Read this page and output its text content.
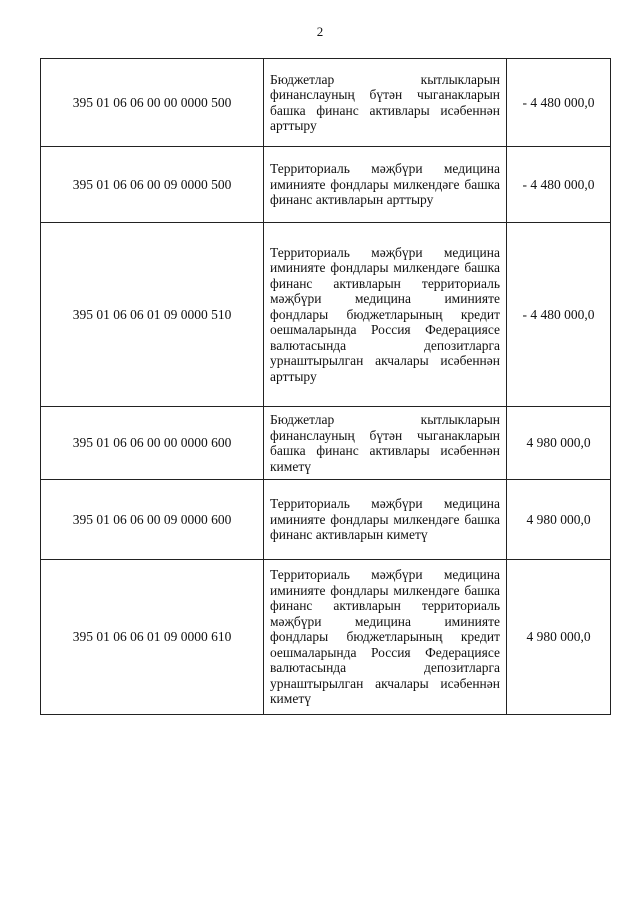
2
395 01 06 06 00 00 0000 500	Бюджетлар кытлыкларын финанслауның бүтән чыганакларын башка финанс активлары исәбеннән арттыру	- 4 480 000,0
395 01 06 06 00 09 0000 500	Территориаль мәҗбүри медицина иминияте фондлары милкендәге башка финанс активларын арттыру	- 4 480 000,0
395 01 06 06 01 09 0000 510	Территориаль мәҗбүри медицина иминияте фондлары милкендәге башка финанс активларын территориаль мәҗбүри медицина иминияте фондлары бюджетларының кредит оешмаларында Россия Федерациясе валютасында депозитларга урнаштырылган акчалары исәбеннән арттыру	- 4 480 000,0
395 01 06 06 00 00 0000 600	Бюджетлар кытлыкларын финанслауның бүтән чыганакларын башка финанс активлары исәбеннән киметү	4 980 000,0
395 01 06 06 00 09 0000 600	Территориаль мәҗбүри медицина иминияте фондлары милкендәге башка финанс активларын киметү	4 980 000,0
395 01 06 06 01 09 0000 610	Территориаль мәҗбүри медицина иминияте фондлары милкендәге башка финанс активларын территориаль мәҗбүри медицина иминияте фондлары бюджетларының кредит оешмаларында Россия Федерациясе валютасында депозитларга урнаштырылган акчалары исәбеннән киметү	4 980 000,0
